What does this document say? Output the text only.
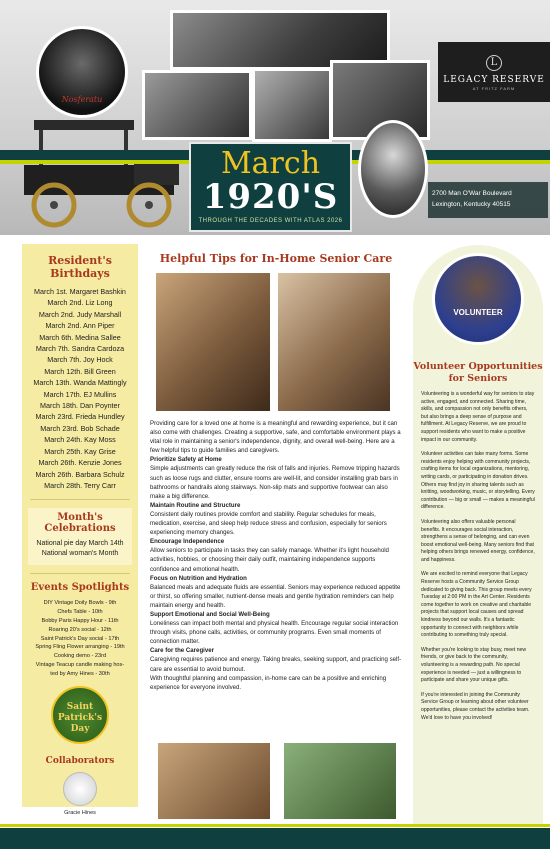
Nosferatu
March
1920'S
THROUGH THE DECADES WITH ATLAS 2026
L
LEGACY RESERVE
AT FRITZ FARM
2700 Man O'War Boulevard
Lexington, Kentucky 40515
Resident's Birthdays
March 1st. Margaret Bashkin
March 2nd. Liz Long
March 2nd. Judy Marshall
March 2nd. Ann Piper
March 6th. Medina Sallee
March 7th. Sandra Cardoza
March 7th. Joy Hock
March 12th. Bill Green
March 13th. Wanda Mattingly
March 17th. EJ Mullins
March 18th. Dan Poynter
March 23rd. Frieda Hundley
March 23rd. Bob Schade
March 24th. Kay Moss
March 25th. Kay Grise
March 26th. Kenzie Jones
March 26th. Barbara Schulz
March 28th. Terry Carr
Month's Celebrations
National pie day March 14th
National woman's Month
Events Spotlights
DIY Vintage Doily Bowls - 9th
Chefs Table - 10th
Bobby Paris Happy Hour - 11th
Roaring 20's social - 12th
Saint Patrick's Day social - 17th
Spring Fling Flower arranging - 19th
Cooking demo - 23rd
Vintage Teacup candle making hos-
ted by Amy Hines - 30th
Saint
Patrick's
Day
Collaborators
Gracie Hines
Helpful Tips for In-Home Senior Care
Providing care for a loved one at home is a meaningful and rewarding experience, but it can also come with challenges. Creating a supportive, safe, and comfortable environment plays a vital role in maintaining a senior's independence, dignity, and overall well-being. Here are a few helpful tips to guide families and caregivers.
Prioritize Safety at Home
Simple adjustments can greatly reduce the risk of falls and injuries. Remove tripping hazards such as loose rugs and clutter, ensure rooms are well-lit, and consider installing grab bars in bathrooms or handrails along stairways. Non-slip mats and supportive footwear can also make a big difference.
Maintain Routine and Structure
Consistent daily routines provide comfort and stability. Regular schedules for meals, medication, exercise, and sleep help reduce stress and confusion, especially for seniors experiencing memory changes.
Encourage Independence
Allow seniors to participate in tasks they can safely manage. Whether it's light household activities, hobbies, or choosing their daily outfit, maintaining independence supports confidence and emotional health.
Focus on Nutrition and Hydration
Balanced meals and adequate fluids are essential. Seniors may experience reduced appetite or thirst, so offering smaller, nutrient-dense meals and gentle hydration reminders can help maintain energy and health.
Support Emotional and Social Well-Being
Loneliness can impact both mental and physical health. Encourage regular social interaction through visits, phone calls, activities, or community programs. Even small moments of connection matter.
Care for the Caregiver
Caregiving requires patience and energy. Taking breaks, seeking support, and practicing self-care are essential to avoid burnout.
With thoughtful planning and compassion, in-home care can be a positive and enriching experience for everyone involved.
VOLUNTEER
Volunteer Opportunities
for Seniors

Volunteering is a wonderful way for seniors to stay active, engaged, and connected. Sharing time, skills, and compassion not only benefits others, but also brings a deep sense of purpose and fulfillment. At Legacy Reserve, we are proud to support residents who want to make a positive impact in our community.

Volunteer activities can take many forms. Some residents enjoy helping with community projects, crafting items for local organizations, mentoring, writing cards, or participating in donation drives. Others may find joy in sharing talents such as knitting, woodworking, music, or storytelling. Every contribution — big or small — makes a meaningful difference.

Volunteering also offers valuable personal benefits. It encourages social interaction, strengthens a sense of belonging, and can even boost emotional well-being. Many seniors find that helping others brings renewed energy, confidence, and happiness.

We are excited to remind everyone that Legacy Reserve hosts a Community Service Group dedicated to giving back. This group meets every Tuesday at 2:00 PM in the Art Center. Residents come together to work on creative and charitable projects that support local causes and spread kindness beyond our walls. It's a fantastic opportunity to connect with neighbors while contributing to something truly special.

Whether you're looking to stay busy, meet new friends, or give back to the community, volunteering is a rewarding path. No special experience is needed — just a willingness to participate and share your unique gifts.

If you're interested in joining the Community Service Group or learning about other volunteer opportunities, please contact the activities team. We'd love to have you involved!
